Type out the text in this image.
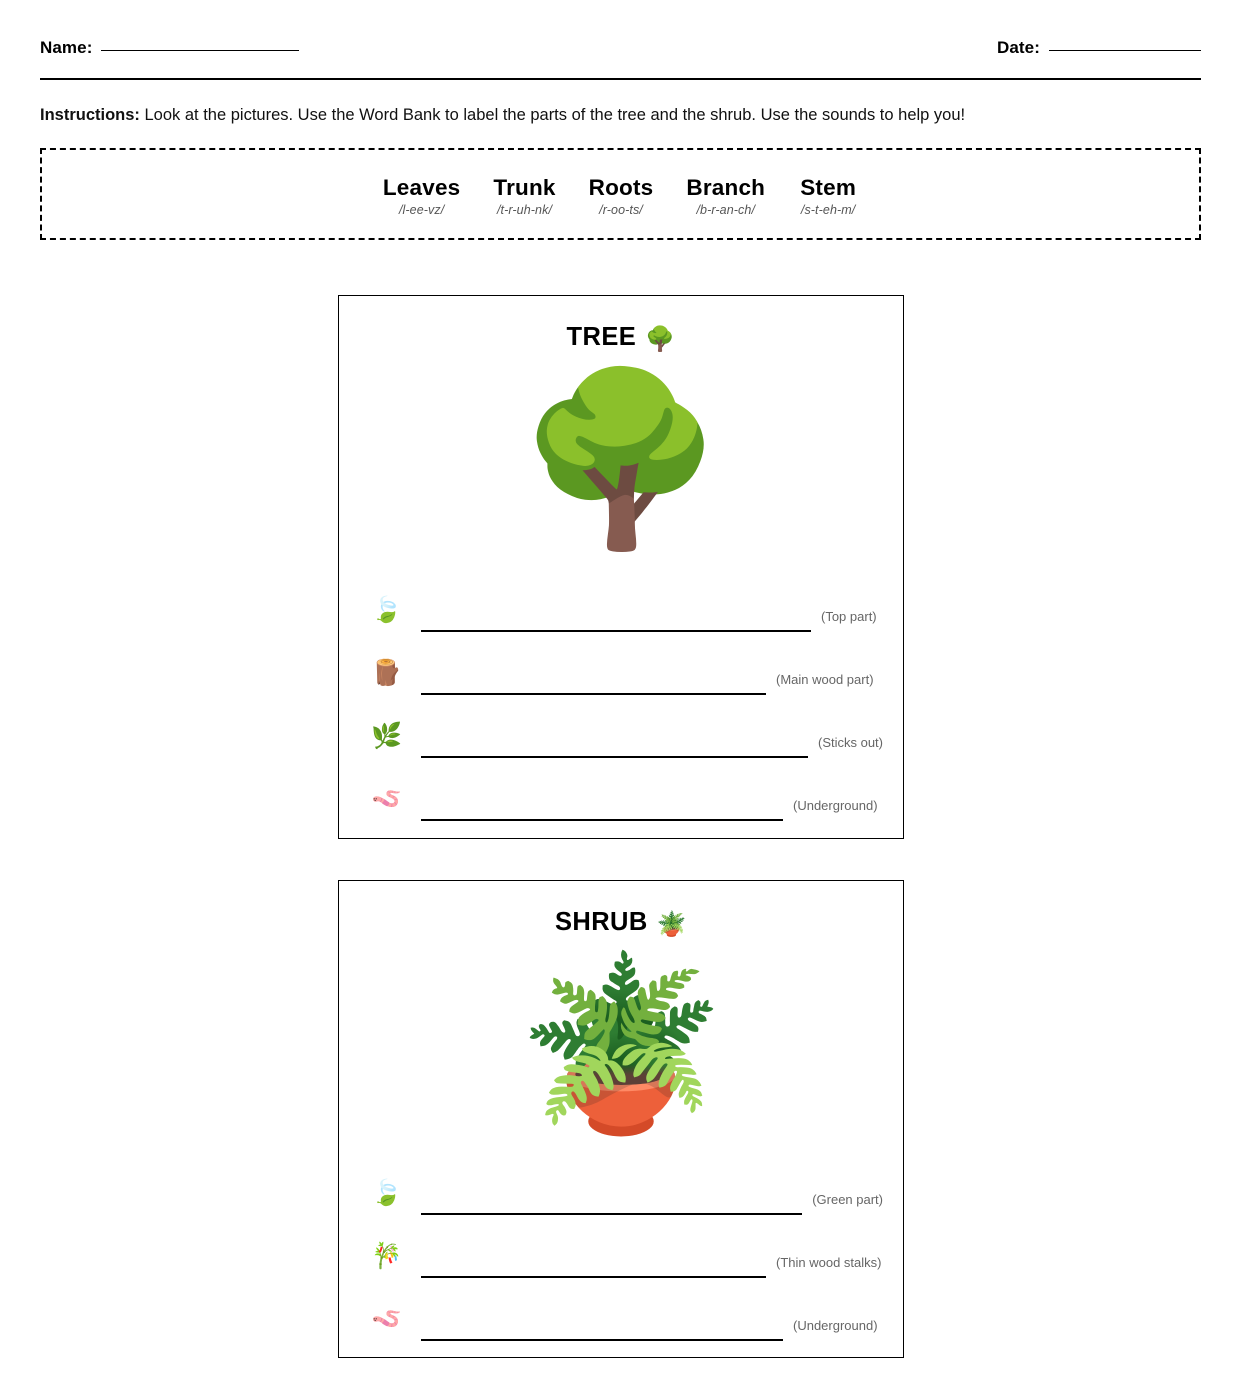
Name:	Date:

Instructions: Look at the pictures. Use the Word Bank to label the parts of the tree and the shrub. Use the sounds to help you!

Leaves
/l-ee-vz/
Trunk
/t-r-uh-nk/
Roots
/r-oo-ts/
Branch
/b-r-an-ch/
Stem
/s-t-eh-m/
TREE 🌳
🌳
🍃	(Top part)
🪵	(Main wood part)
🌿	(Sticks out)
🪱	(Underground)
SHRUB 🪴
🪴
🍃	(Green part)
🎋	(Thin wood stalks)
🪱	(Underground)
